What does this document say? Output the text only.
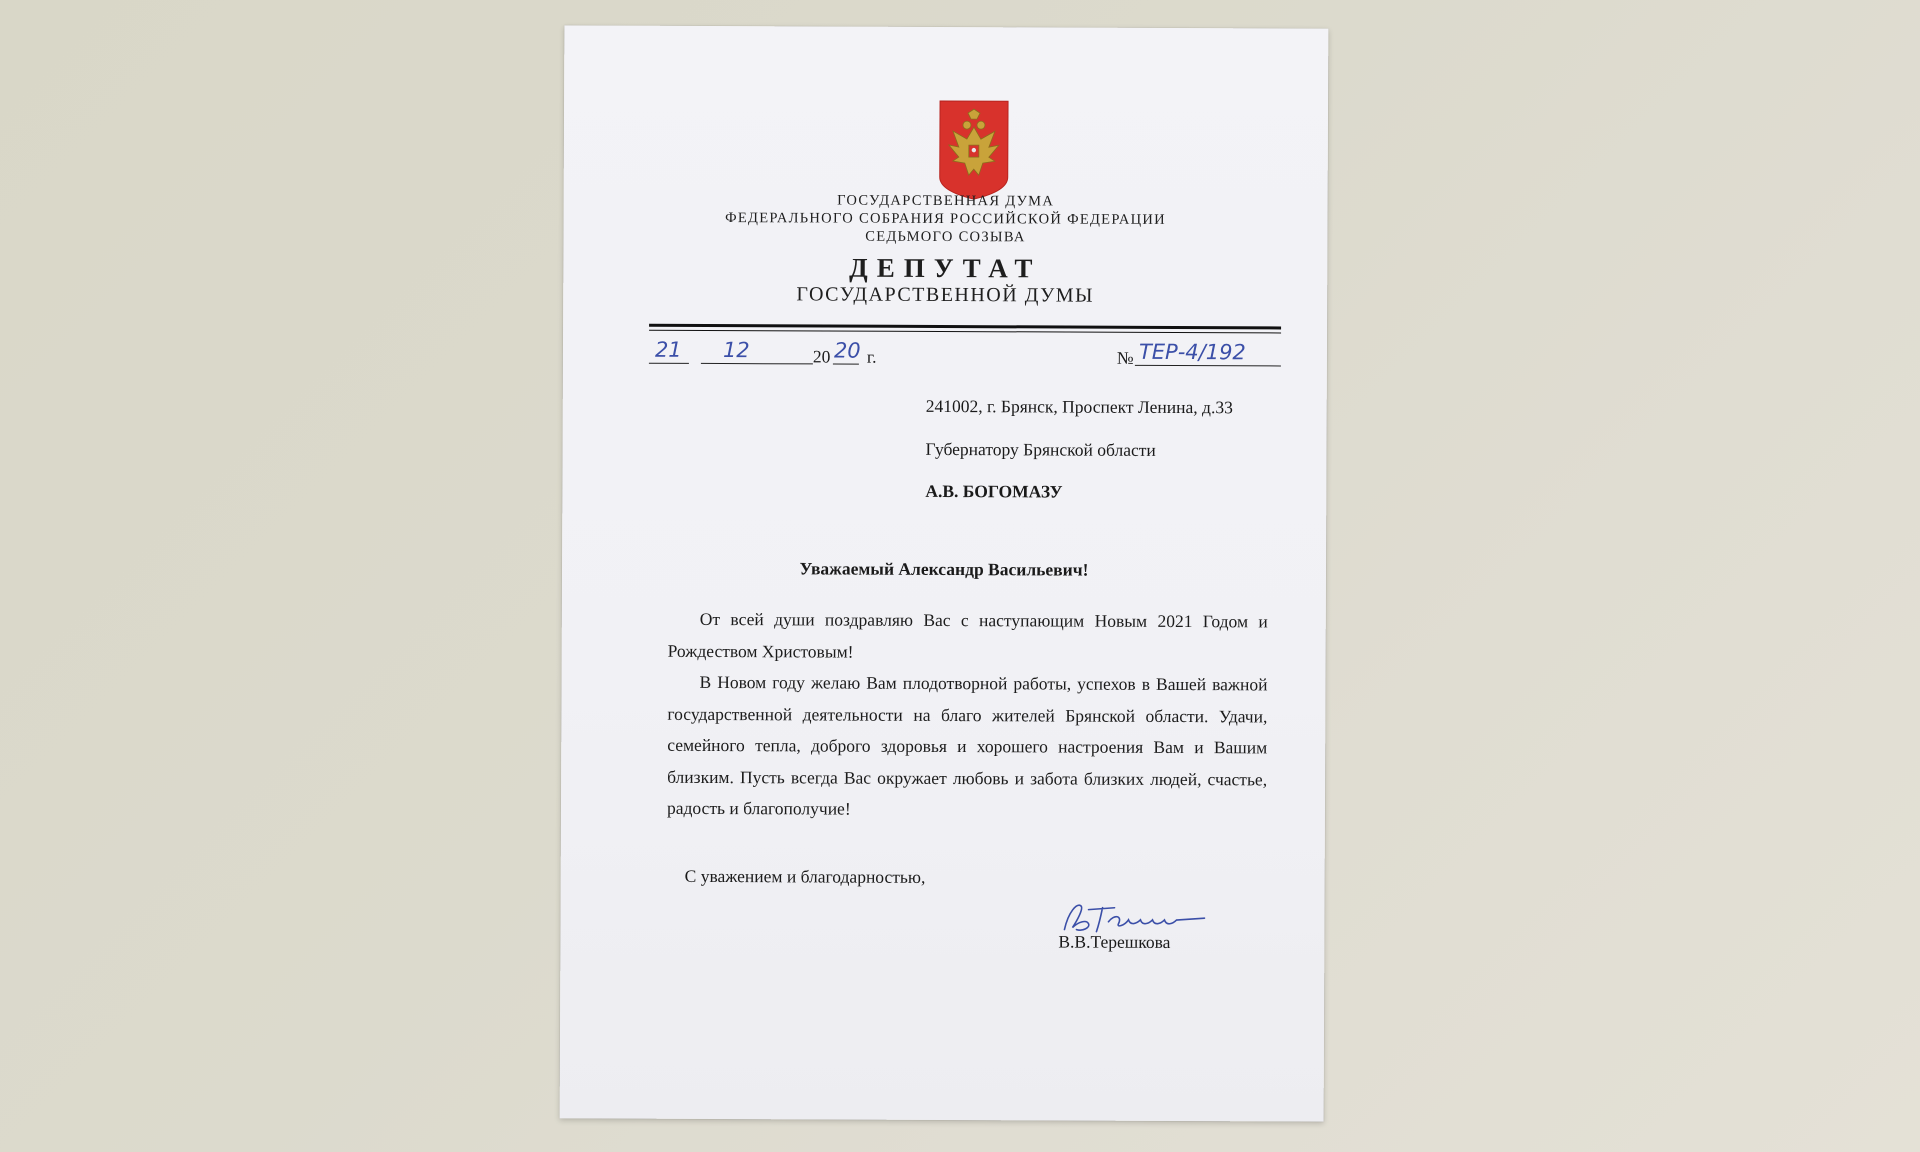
ГОСУДАРСТВЕННАЯ ДУМА
ФЕДЕРАЛЬНОГО СОБРАНИЯ РОССИЙСКОЙ ФЕДЕРАЦИИ
СЕДЬМОГО СОЗЫВА
ДЕПУТАТ
ГОСУДАРСТВЕННОЙ ДУМЫ
21 12	20 20 г.	№ ТЕР-4/192
241002, г. Брянск, Проспект Ленина, д.33
Губернатору Брянской области
А.В. БОГОМАЗУ
Уважаемый Александр Васильевич!

От всей души поздравляю Вас с наступающим Новым 2021 Годом и Рождеством Христовым!

В Новом году желаю Вам плодотворной работы, успехов в Вашей важной государственной деятельности на благо жителей Брянской области. Удачи, семейного тепла, доброго здоровья и хорошего настроения Вам и Вашим близким. Пусть всегда Вас окружает любовь и забота близких людей, счастье, радость и благополучие!

С уважением и благодарностью,
В.В.Терешкова
